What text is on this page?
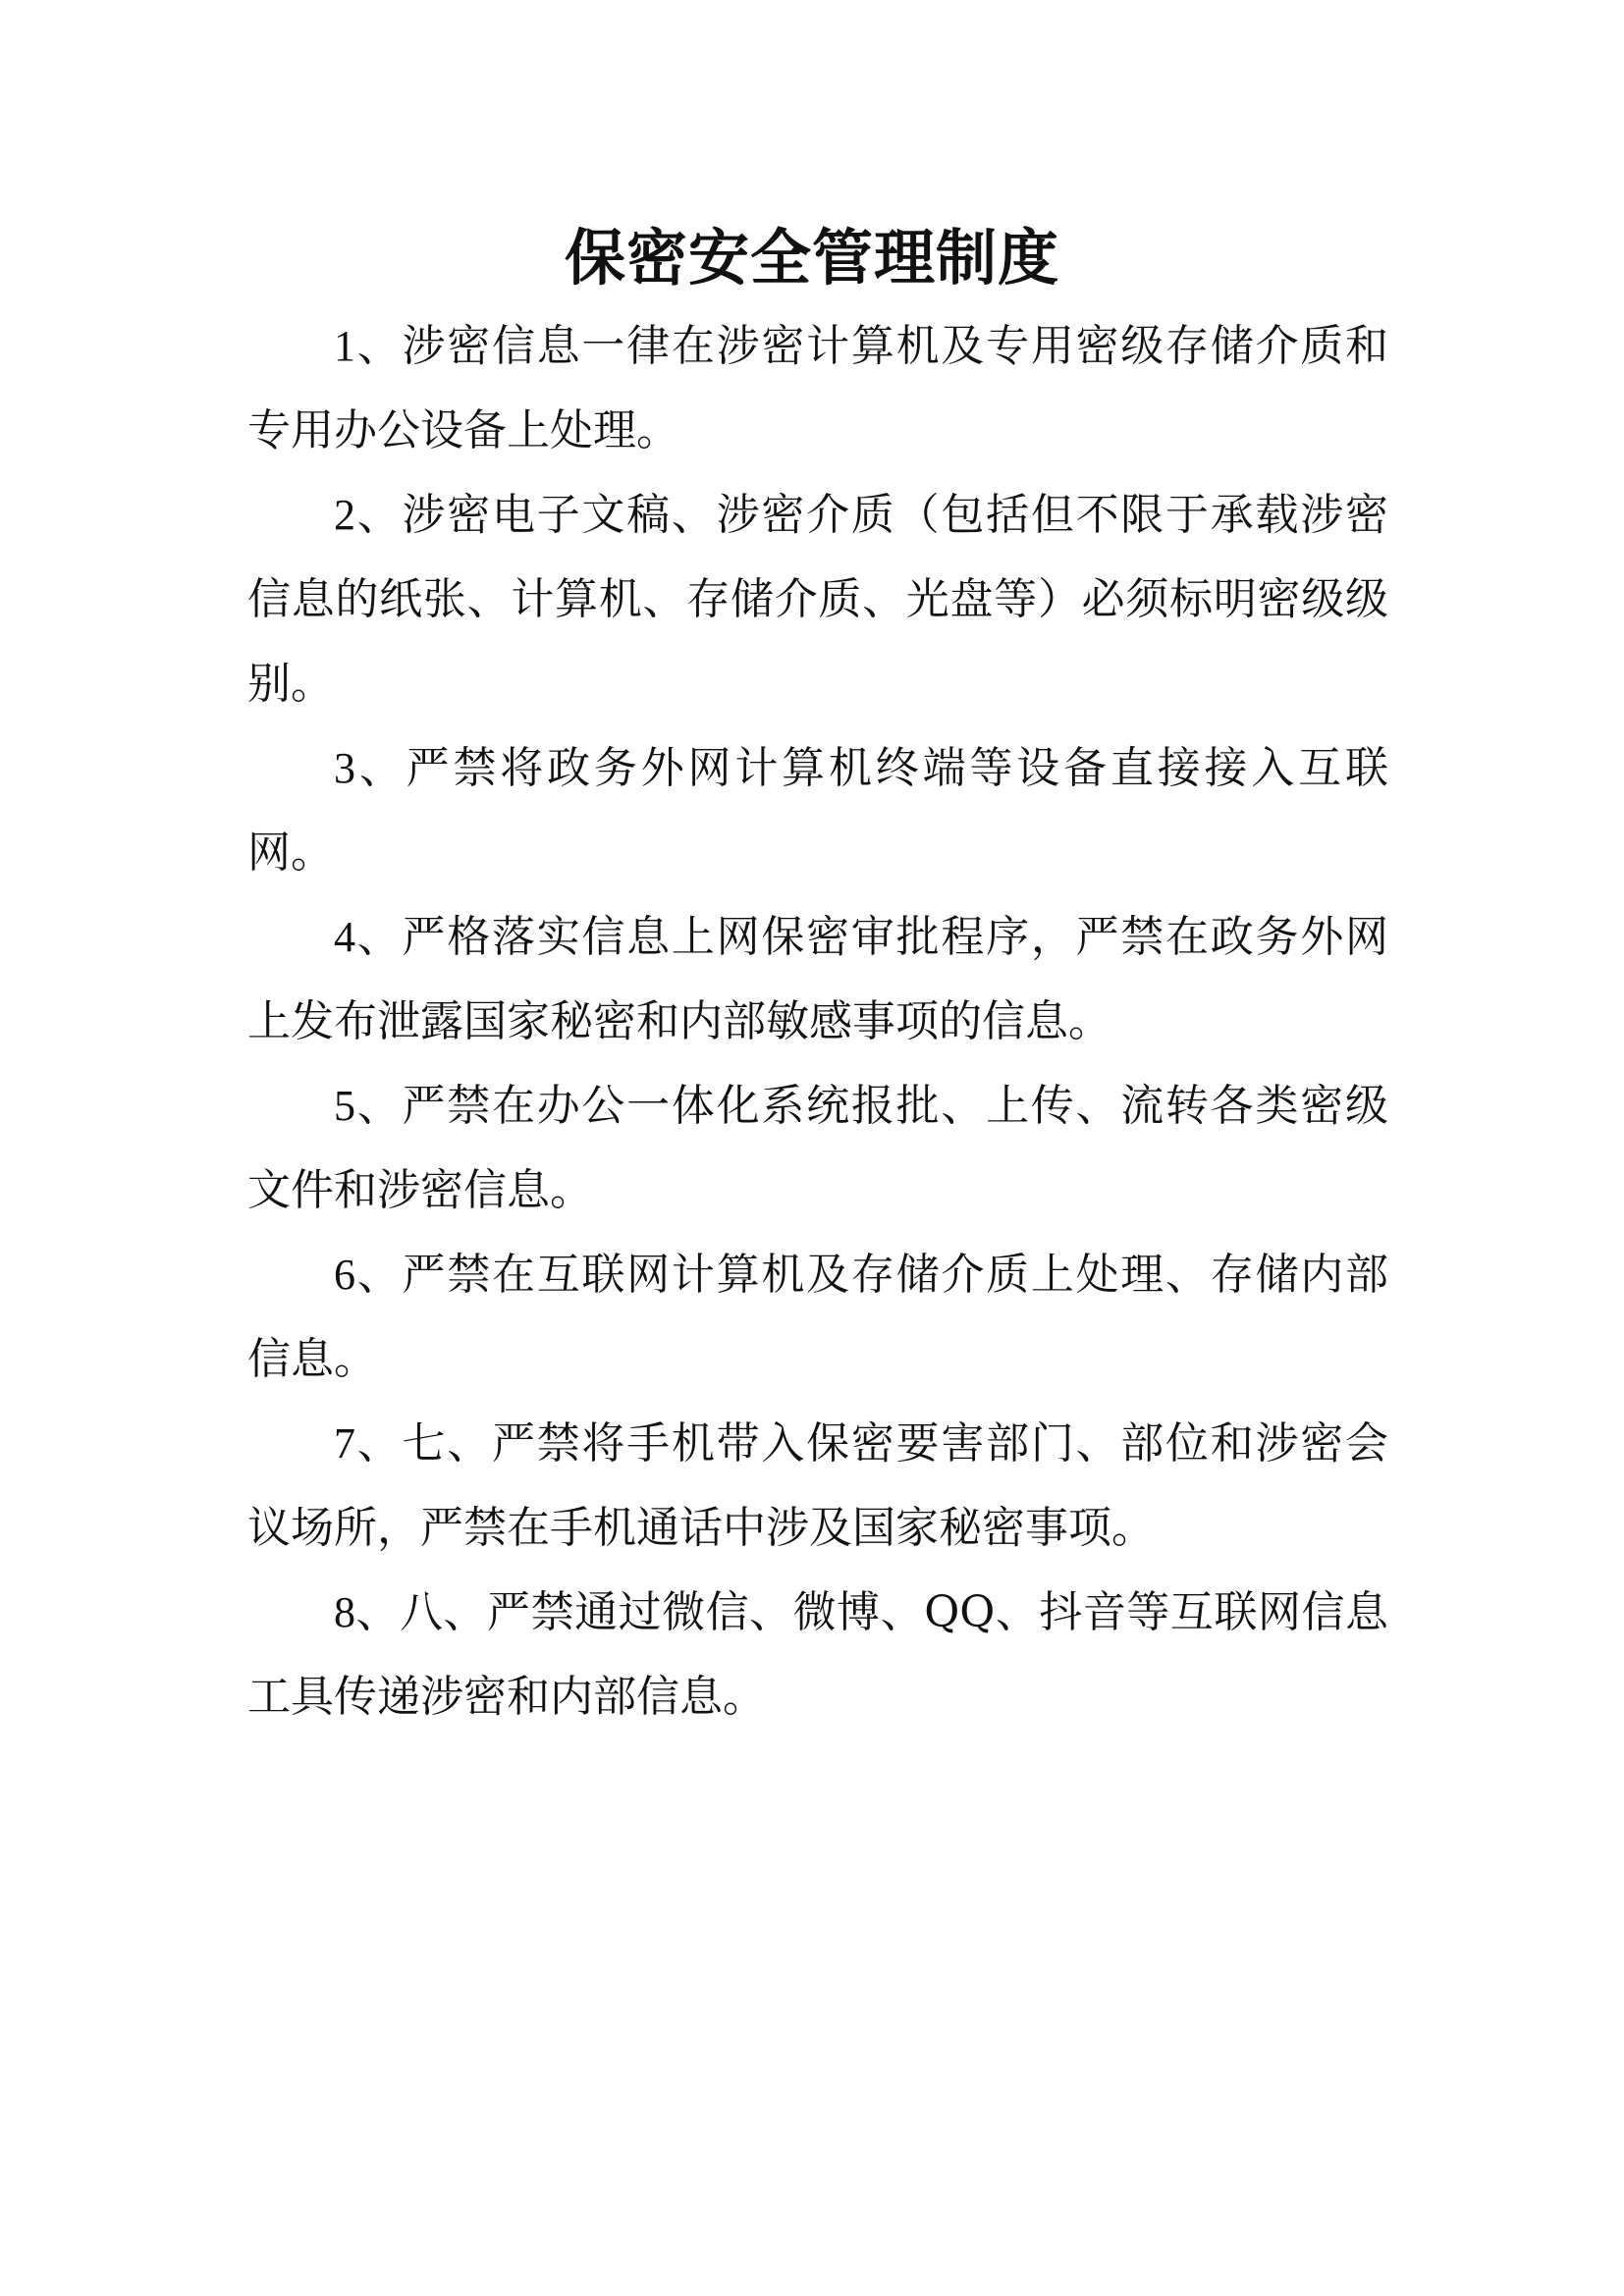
保密安全管理制度

1、涉密信息一律在涉密计算机及专用密级存储介质和专用办公设备上处理。

2、涉密电子文稿、涉密介质（包括但不限于承载涉密信息的纸张、计算机、存储介质、光盘等）必须标明密级级别。

3、严禁将政务外网计算机终端等设备直接接入互联网。

4、严格落实信息上网保密审批程序，严禁在政务外网上发布泄露国家秘密和内部敏感事项的信息。

5、严禁在办公一体化系统报批、上传、流转各类密级文件和涉密信息。

6、严禁在互联网计算机及存储介质上处理、存储内部信息。

7、七、严禁将手机带入保密要害部门、部位和涉密会议场所，严禁在手机通话中涉及国家秘密事项。

8、八、严禁通过微信、微博、QQ、抖音等互联网信息工具传递涉密和内部信息。
